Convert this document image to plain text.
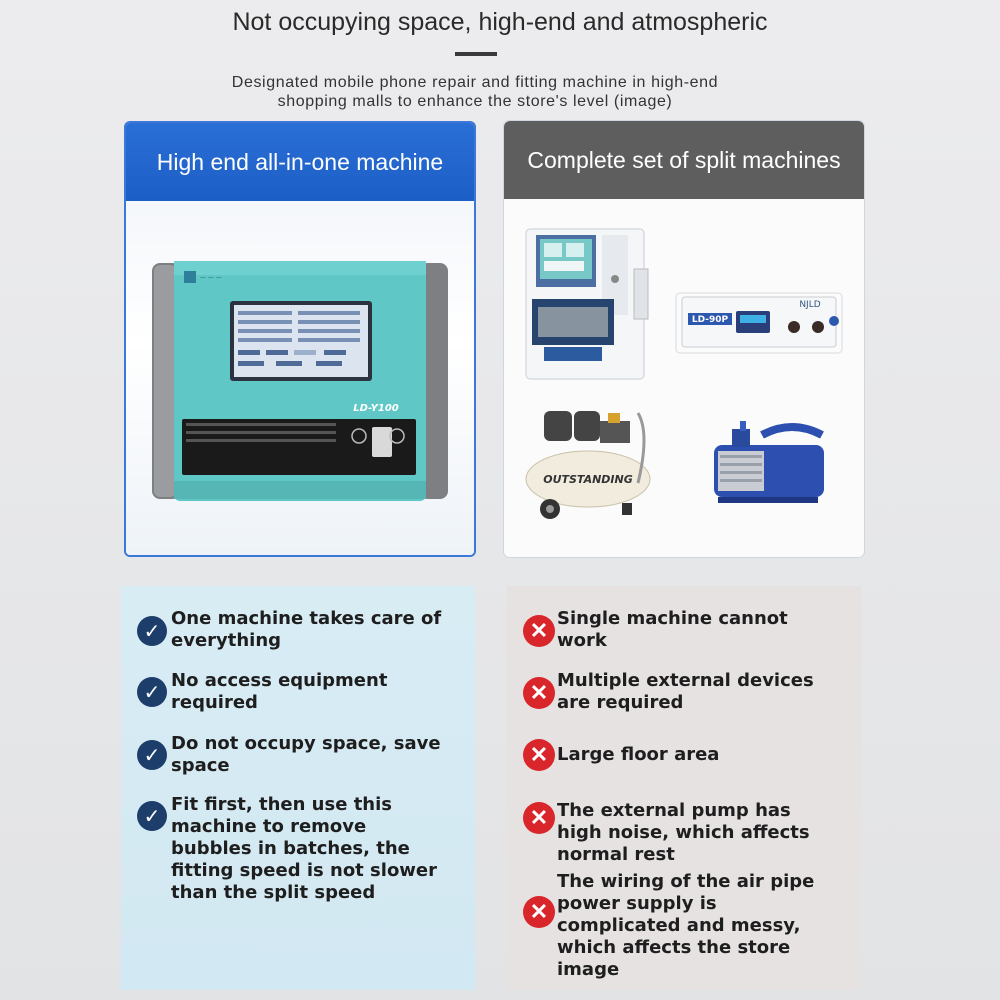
Not occupying space, high-end and atmospheric
Designated mobile phone repair and fitting machine in high-end
shopping malls to enhance the store's level (image)
High end all-in-one machine
— — —
LD-Y100
Complete set of split machines
LD-90P
NJLD
OUTSTANDING
✓
One machine takes care of
everything
✓ No access equipment
required
✓ Do not occupy space, save
space
✓ Fit first, then use this
machine to remove
bubbles in batches, the
fitting speed is not slower
than the split speed
✕ Single machine cannot
work
✕ Multiple external devices
are required
✕ Large floor area
✕ The external pump has
high noise, which affects
normal rest
✕
The wiring of the air pipe
power supply is
complicated and messy,
which affects the store
image
